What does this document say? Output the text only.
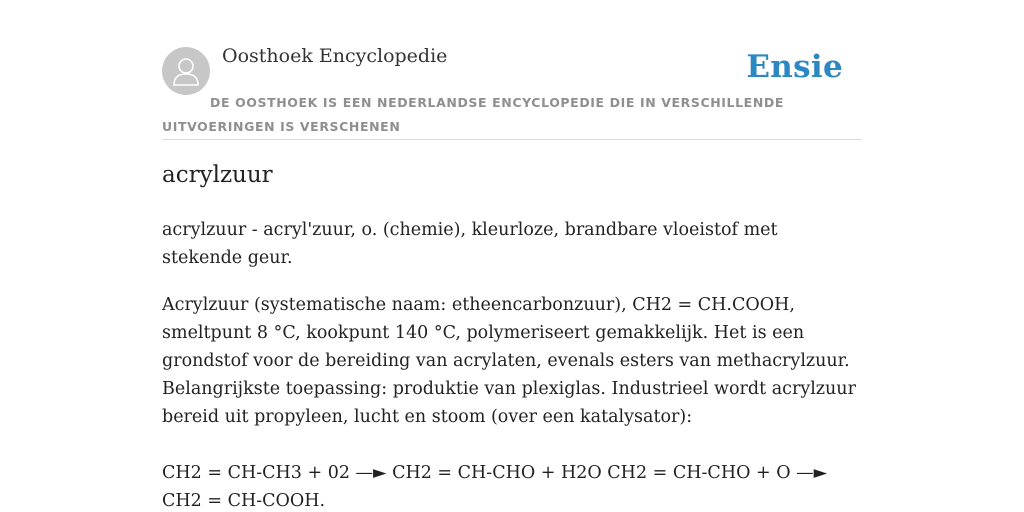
Oosthoek Encyclopedie	Ensie

DE OOSTHOEK IS EEN NEDERLANDSE ENCYCLOPEDIE DIE IN VERSCHILLENDE UITVOERINGEN IS VERSCHENEN

acrylzuur

acrylzuur - acryl'zuur, o. (chemie), kleurloze, brandbare vloeistof met stekende geur.

Acrylzuur (systematische naam: etheencarbonzuur), CH2 = CH.COOH, smeltpunt 8 °C, kookpunt 140 °C, polymeriseert gemakkelijk. Het is een grondstof voor de bereiding van acrylaten, evenals esters van methacrylzuur. Belangrijkste toepassing: produktie van plexiglas. Industrieel wordt acrylzuur bereid uit propyleen, lucht en stoom (over een katalysator):

CH2 = CH-CH3 + 02 —► CH2 = CH-CHO + H2O CH2 = CH-CHO + O —► CH2 = CH-COOH.
